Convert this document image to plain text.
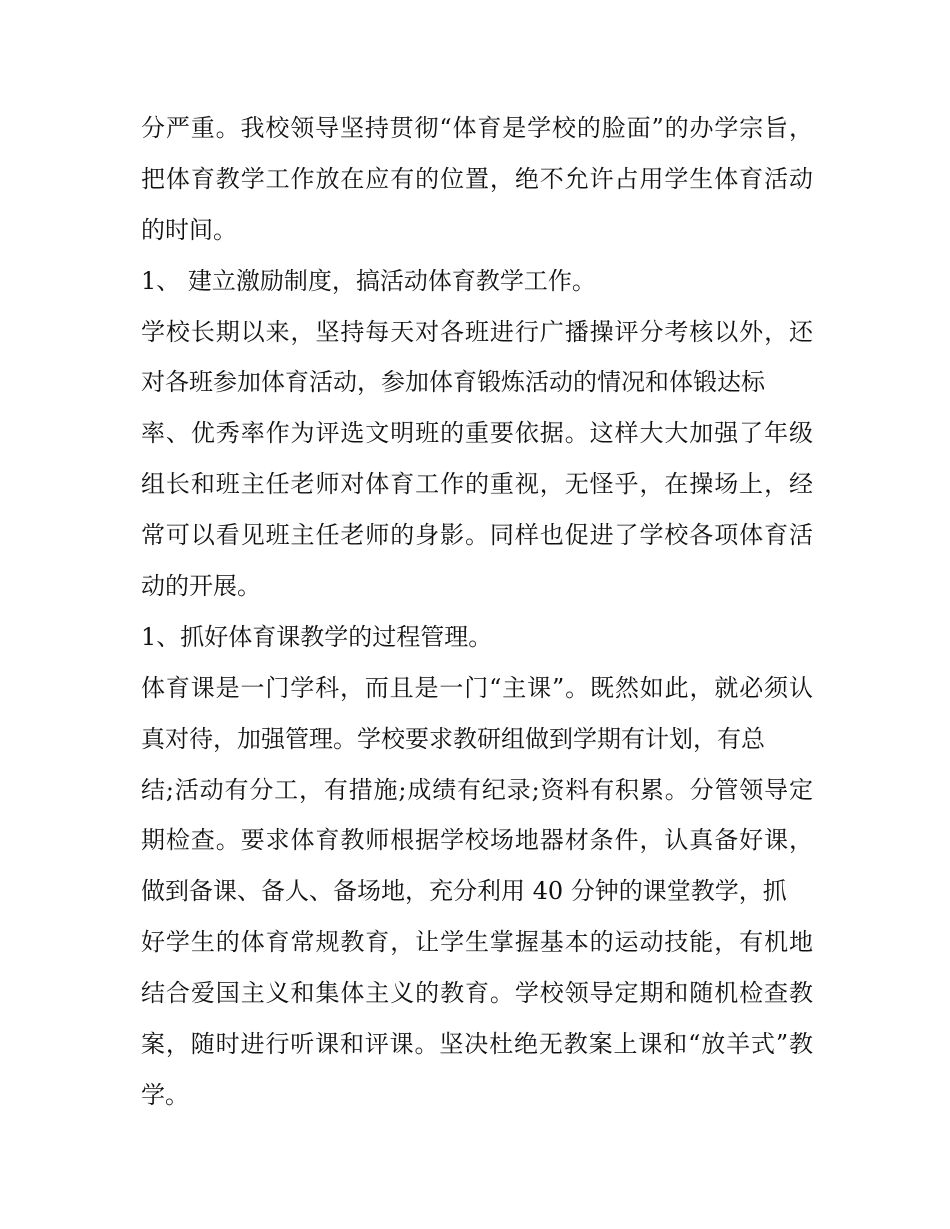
分严重。我校领导坚持贯彻“体育是学校的脸面”的办学宗旨，
把体育教学工作放在应有的位置，绝不允许占用学生体育活动
的时间。
1、 建立激励制度，搞活动体育教学工作。
学校长期以来，坚持每天对各班进行广播操评分考核以外，还
对各班参加体育活动，参加体育锻炼活动的情况和体锻达标
率、优秀率作为评选文明班的重要依据。这样大大加强了年级
组长和班主任老师对体育工作的重视，无怪乎，在操场上，经
常可以看见班主任老师的身影。同样也促进了学校各项体育活
动的开展。
1、抓好体育课教学的过程管理。
体育课是一门学科，而且是一门“主课”。既然如此，就必须认
真对待，加强管理。学校要求教研组做到学期有计划，有总
结;活动有分工，有措施;成绩有纪录;资料有积累。分管领导定
期检查。要求体育教师根据学校场地器材条件，认真备好课，
做到备课、备人、备场地，充分利用 40 分钟的课堂教学，抓
好学生的体育常规教育，让学生掌握基本的运动技能，有机地
结合爱国主义和集体主义的教育。学校领导定期和随机检查教
案，随时进行听课和评课。坚决杜绝无教案上课和“放羊式”教
学。
